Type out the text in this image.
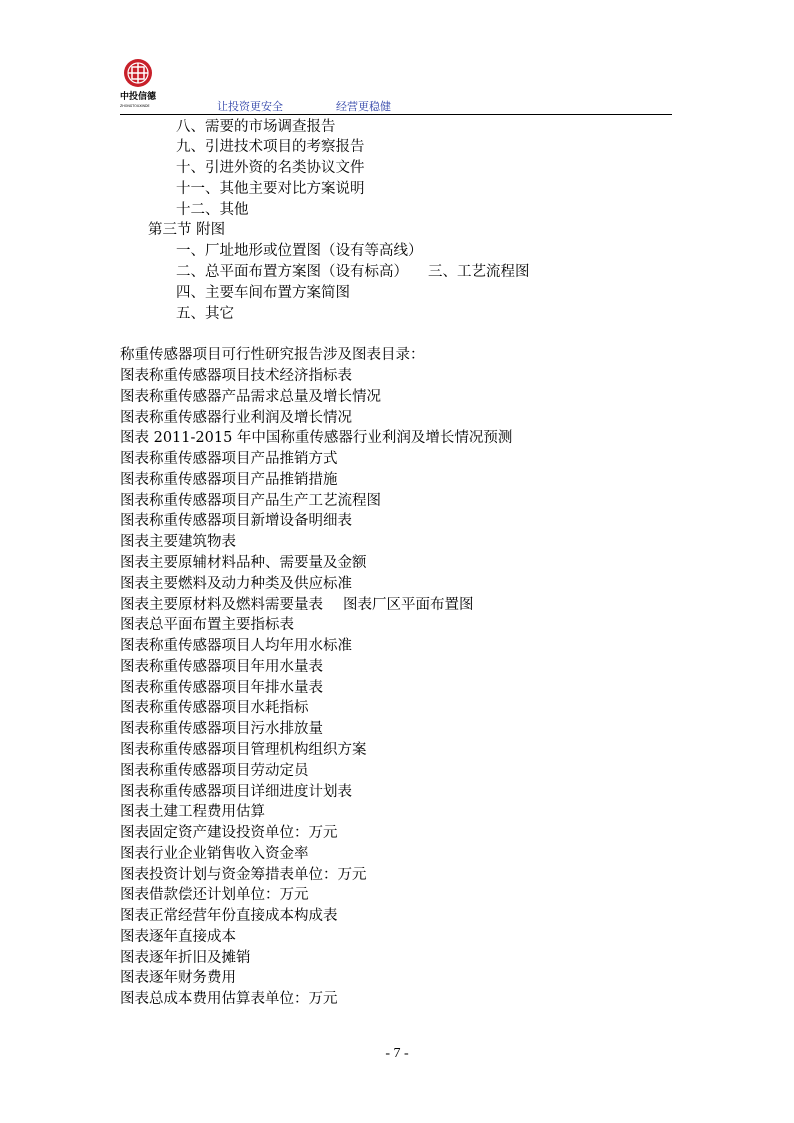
中投信德
ZHONGTOUXINDE	让投资更安全	经营更稳健
八、需要的市场调查报告
九、引进技术项目的考察报告
十、引进外资的名类协议文件
十一、其他主要对比方案说明
十二、其他
第三节 附图
一、厂址地形或位置图（设有等高线）
二、总平面布置方案图（设有标高） 三、工艺流程图
四、主要车间布置方案简图
五、其它
称重传感器项目可行性研究报告涉及图表目录：
图表称重传感器项目技术经济指标表
图表称重传感器产品需求总量及增长情况
图表称重传感器行业利润及增长情况
图表 2011-2015 年中国称重传感器行业利润及增长情况预测
图表称重传感器项目产品推销方式
图表称重传感器项目产品推销措施
图表称重传感器项目产品生产工艺流程图
图表称重传感器项目新增设备明细表
图表主要建筑物表
图表主要原辅材料品种、需要量及金额
图表主要燃料及动力种类及供应标准
图表主要原材料及燃料需要量表 图表厂区平面布置图
图表总平面布置主要指标表
图表称重传感器项目人均年用水标准
图表称重传感器项目年用水量表
图表称重传感器项目年排水量表
图表称重传感器项目水耗指标
图表称重传感器项目污水排放量
图表称重传感器项目管理机构组织方案
图表称重传感器项目劳动定员
图表称重传感器项目详细进度计划表
图表土建工程费用估算
图表固定资产建设投资单位：万元
图表行业企业销售收入资金率
图表投资计划与资金筹措表单位：万元
图表借款偿还计划单位：万元
图表正常经营年份直接成本构成表
图表逐年直接成本
图表逐年折旧及摊销
图表逐年财务费用
图表总成本费用估算表单位：万元
- 7 -
